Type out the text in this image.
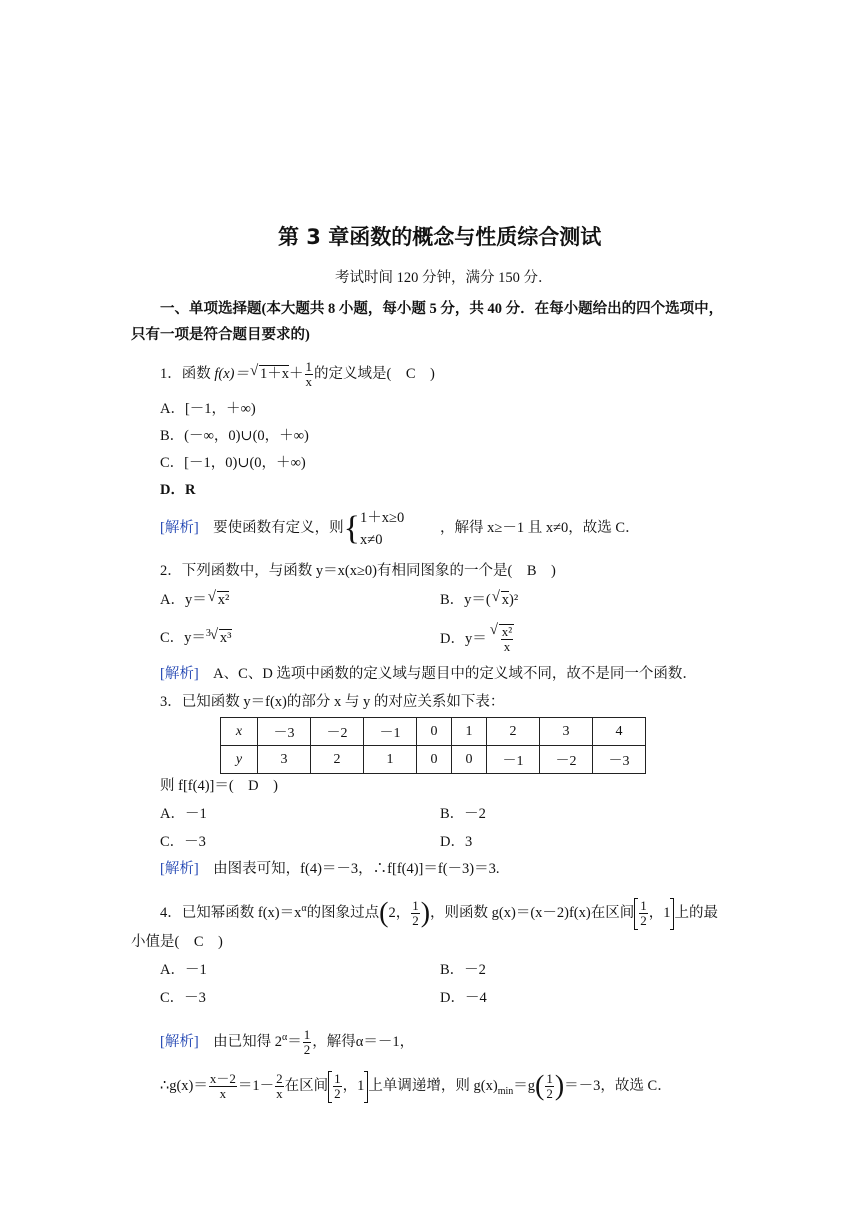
第 3 章函数的概念与性质综合测试
考试时间 120 分钟，满分 150 分．
一、单项选择题(本大题共 8 小题，每小题 5 分，共 40 分．在每小题给出的四个选项中，
只有一项是符合题目要求的)
1．函数 f(x)＝ √ $1+x+ \frac{1}{x}$ 的定义域是(　C　)
A．[－1，＋∞)
B．(－∞，0)∪(0，＋∞)
C．[－1，0)∪(0，＋∞)
D．R
[解析]　要使函数有定义，则{ 1＋x≥0
x≠0
，解得 x≥－1 且 x≠0，故选 C．
2．下列函数中，与函数 y＝x(x≥0)有相同图象的一个是(　B　)
A．y＝ √ x²	B．y＝( √ x)²
C．y＝$^3$ √ x³	D．y＝ √ $\frac{\text{x²}}{x}$
[解析]　A、C、D 选项中函数的定义域与题目中的定义域不同，故不是同一个函数．
3．已知函数 y＝f(x)的部分 x 与 y 的对应关系如下表：
x	－3	－2	－1	0	1	2	3	4
y	3	2	1	0	0	－1	－2	－3
则 f[f(4)]＝(　D　)
A．－1	B．－2
C．－3	D．3
[解析]　由图表可知，f(4)＝－3，∴f[f(4)]＝f(－3)＝3.
4．已知幂函数 $f(x)=x^\alpha$的图象过点(2， $\frac{1}{2}$ )，则函数 g(x)＝(x－2)f(x)在区间 $\frac{1}{2}$ ，1 上的最
小值是(　C　)
A．－1	B．－2
C．－3	D．－4
[解析]　由已知得 $2^\alpha= \frac{1}{2}$ ，解得α＝－1，
∴g(x)＝ $\frac{x-2}{x} =1- \frac{2}{x}$ 在区间 $\frac{1}{2}$ ，1 上单调递增，则 $g(x)_{min}=g( \frac{1}{2} )=-3$，故选 C．
